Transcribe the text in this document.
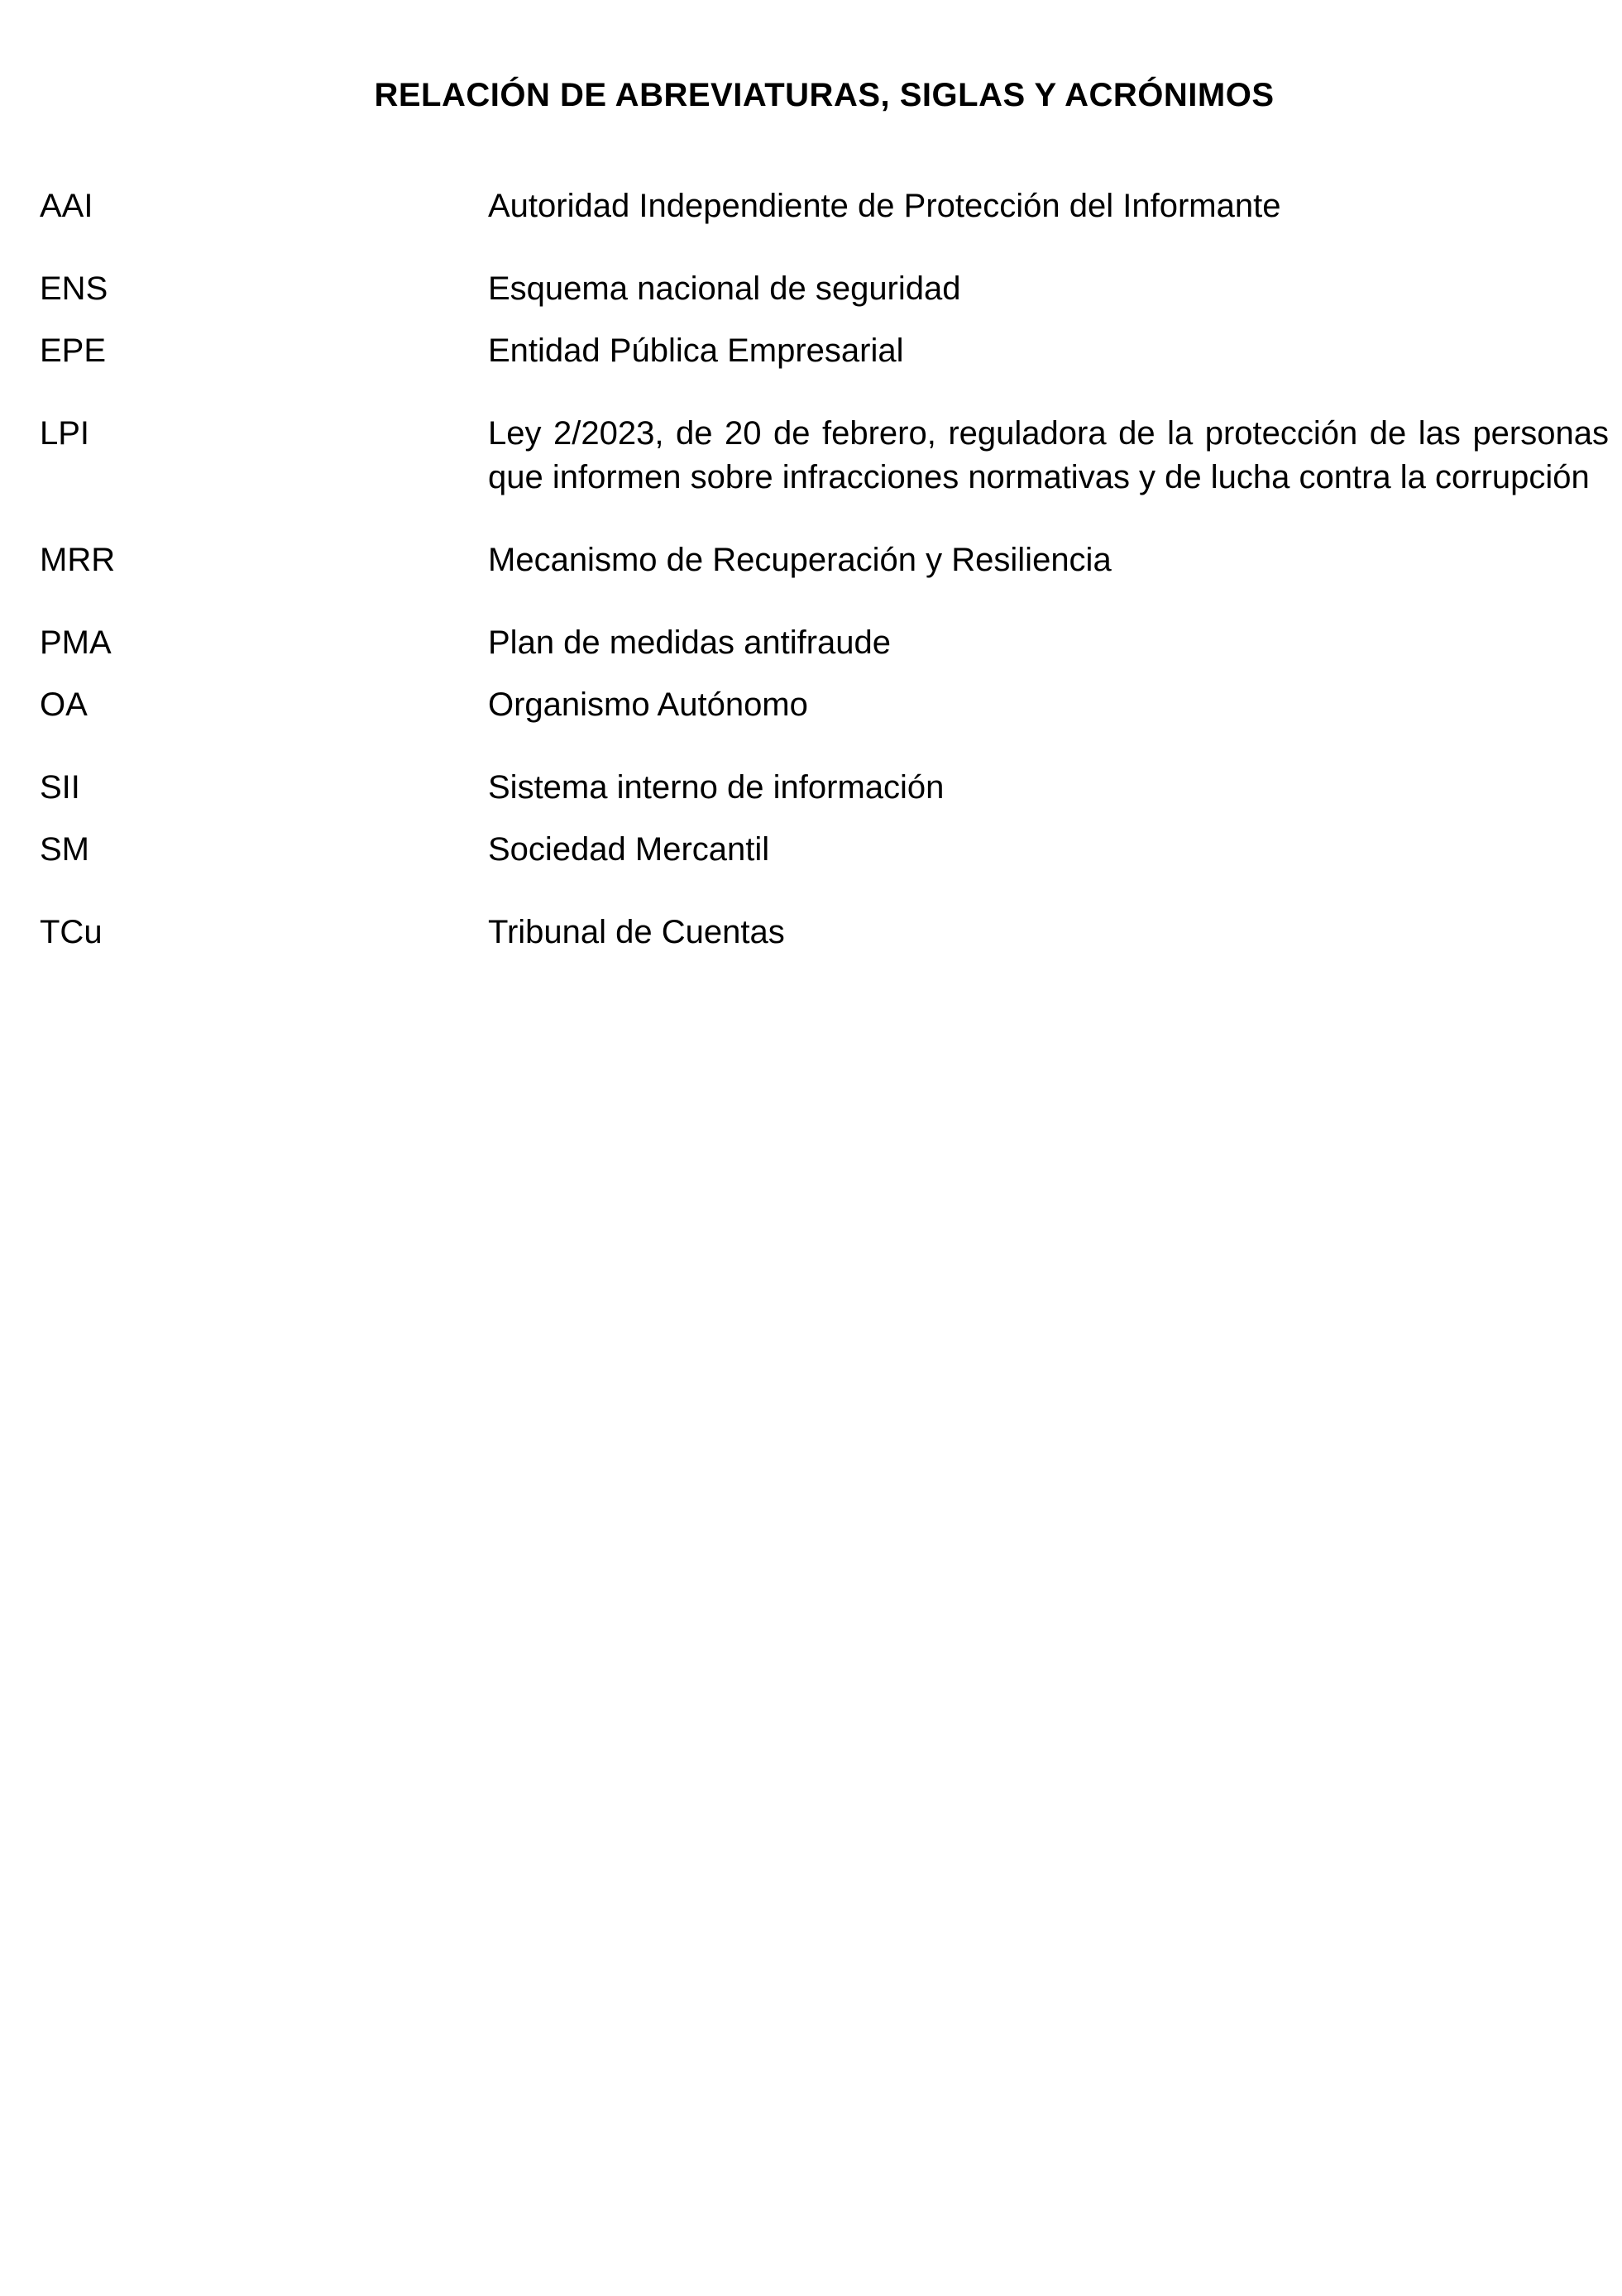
RELACIÓN DE ABREVIATURAS, SIGLAS Y ACRÓNIMOS
AAI	Autoridad Independiente de Protección del Informante
ENS	Esquema nacional de seguridad
EPE	Entidad Pública Empresarial
LPI	Ley 2/2023, de 20 de febrero, reguladora de la protección de las personas que informen sobre infracciones normativas y de lucha contra la corrupción
MRR	Mecanismo de Recuperación y Resiliencia
PMA	Plan de medidas antifraude
OA	Organismo Autónomo
SII	Sistema interno de información
SM	Sociedad Mercantil
TCu	Tribunal de Cuentas
